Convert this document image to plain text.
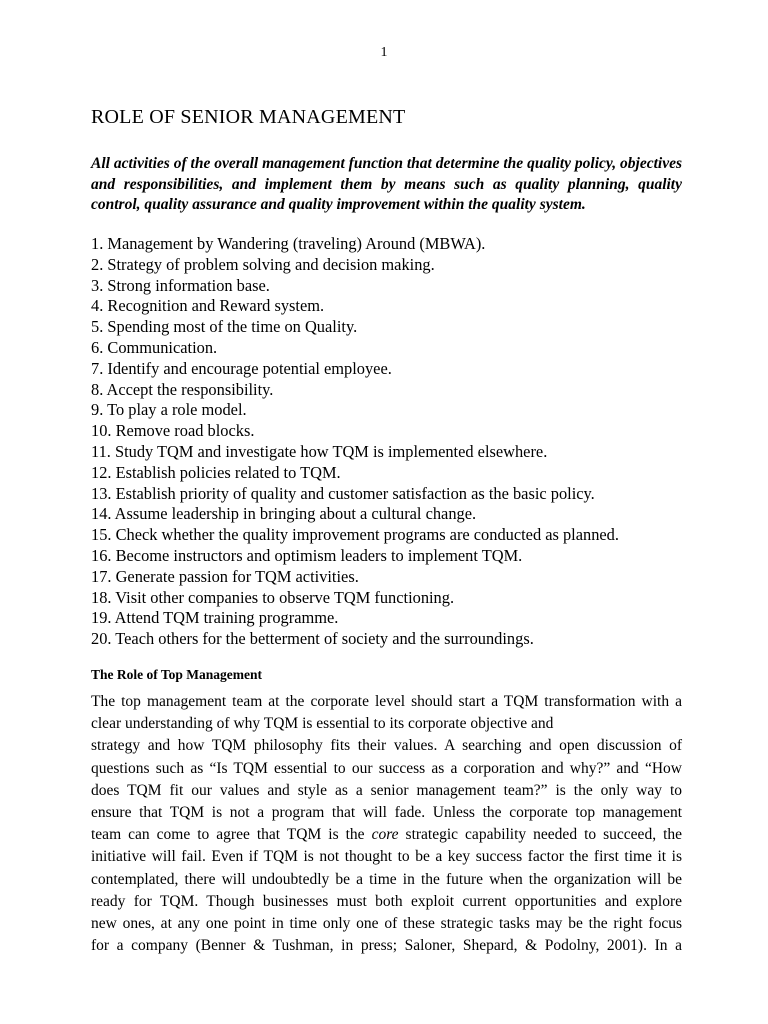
1
ROLE OF SENIOR MANAGEMENT

All activities of the overall management function that determine the quality policy, objectives and responsibilities, and implement them by means such as quality planning, quality control, quality assurance and quality improvement within the quality system.

1. Management by Wandering (traveling) Around (MBWA).
2. Strategy of problem solving and decision making.
3. Strong information base.
4. Recognition and Reward system.
5. Spending most of the time on Quality.
6. Communication.
7. Identify and encourage potential employee.
8. Accept the responsibility.
9. To play a role model.
10. Remove road blocks.
11. Study TQM and investigate how TQM is implemented elsewhere.
12. Establish policies related to TQM.
13. Establish priority of quality and customer satisfaction as the basic policy.
14. Assume leadership in bringing about a cultural change.
15. Check whether the quality improvement programs are conducted as planned.
16. Become instructors and optimism leaders to implement TQM.
17. Generate passion for TQM activities.
18. Visit other companies to observe TQM functioning.
19. Attend TQM training programme.
20. Teach others for the betterment of society and the surroundings.
The Role of Top Management
The top management team at the corporate level should start a TQM transformation with a
clear understanding of why TQM is essential to its corporate objective and
strategy and how TQM philosophy fits their values. A searching and open discussion of
questions such as “Is TQM essential to our success as a corporation and why?” and “How
does TQM fit our values and style as a senior management team?” is the only way to
ensure that TQM is not a program that will fade. Unless the corporate top management
team can come to agree that TQM is the core strategic capability needed to succeed, the
initiative will fail. Even if TQM is not thought to be a key success factor the first time it is
contemplated, there will undoubtedly be a time in the future when the organization will be
ready for TQM. Though businesses must both exploit current opportunities and explore
new ones, at any one point in time only one of these strategic tasks may be the right focus
for a company (Benner & Tushman, in press; Saloner, Shepard, & Podolny, 2001). In a
